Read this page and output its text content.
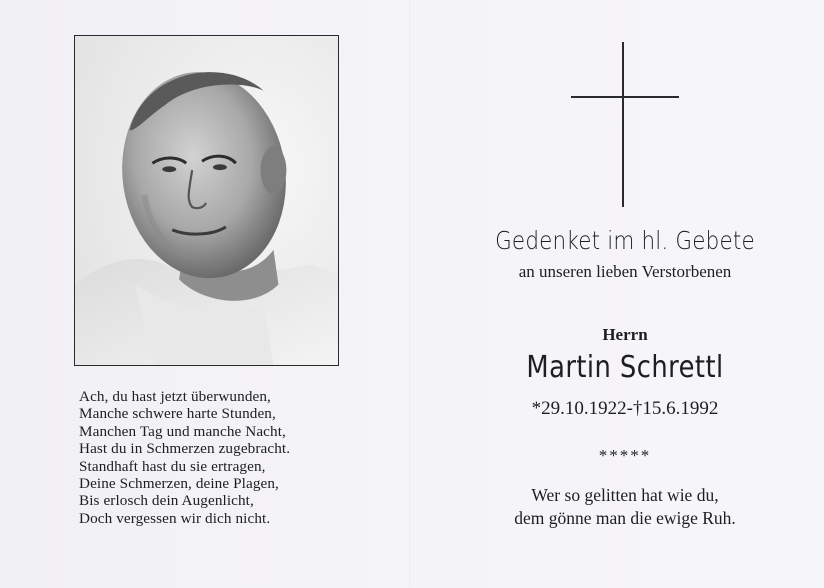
Ach, du hast jetzt überwunden,
Manche schwere harte Stunden,
Manchen Tag und manche Nacht,
Hast du in Schmerzen zugebracht.
Standhaft hast du sie ertragen,
Deine Schmerzen, deine Plagen,
Bis erlosch dein Augenlicht,
Doch vergessen wir dich nicht.
Gedenket im hl. Gebete
an unseren lieben Verstorbenen
Herrn
Martin Schrettl
*29.10.1922-†15.6.1992
*****
Wer so gelitten hat wie du,
dem gönne man die ewige Ruh.
